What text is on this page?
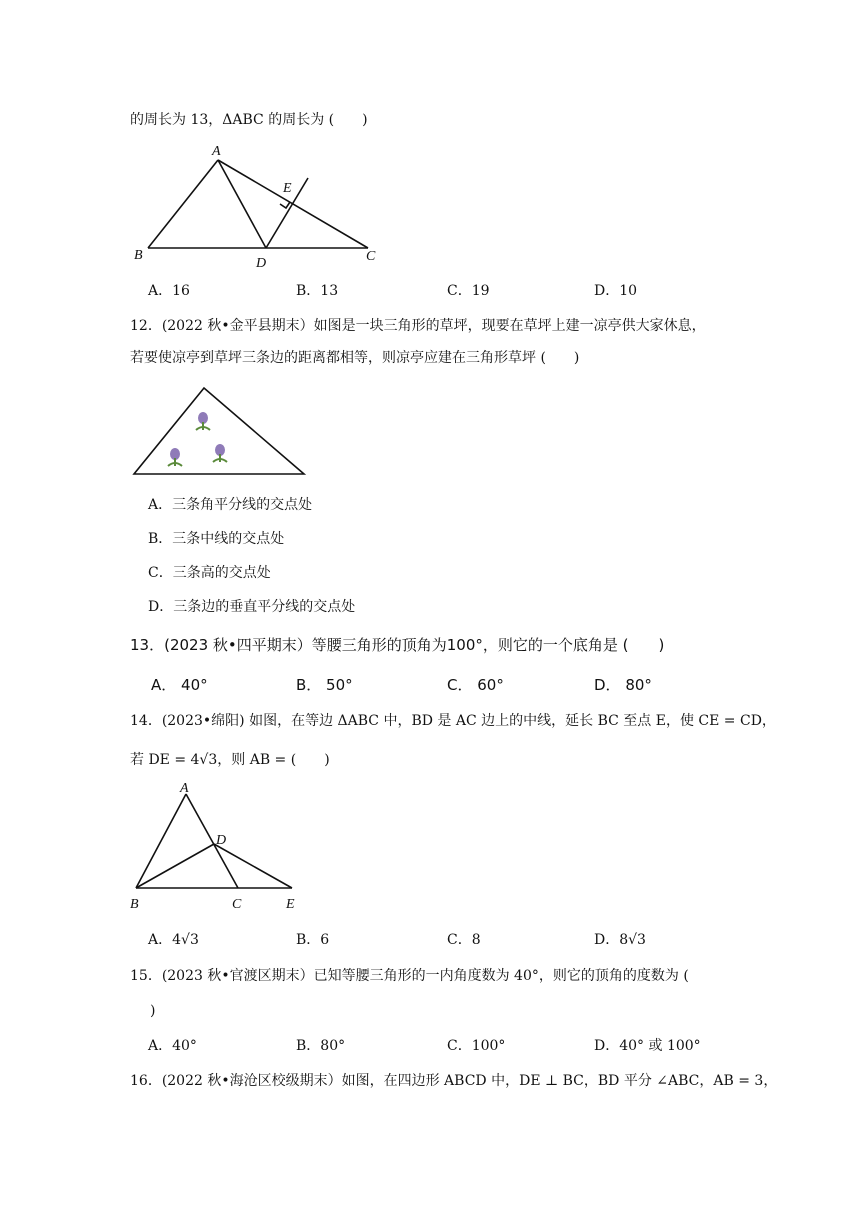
的周长为 13，ΔABC 的周长为 (　　)
A
B
D	C
E
A．16	B．13	C．19	D．10
12．(2022 秋•金平县期末）如图是一块三角形的草坪，现要在草坪上建一凉亭供大家休息，
若要使凉亭到草坪三条边的距离都相等，则凉亭应建在三角形草坪 (　　)
A．三条角平分线的交点处
B．三条中线的交点处
C．三条高的交点处
D．三条边的垂直平分线的交点处
13．(2023 秋•四平期末）等腰三角形的顶角为100°，则它的一个底角是 (　　)
A． 40°	B． 50°	C． 60°	D． 80°
14．(2023•绵阳) 如图，在等边 ΔABC 中，BD 是 AC 边上的中线，延长 BC 至点 E，使 CE = CD，
若 DE = 4√3，则 AB = (　　)
A
D
B	C	E
A．4√3	B．6	C．8	D．8√3
15．(2023 秋•官渡区期末）已知等腰三角形的一内角度数为 40°，则它的顶角的度数为 (
)
A．40°	B．80°	C．100°	D．40° 或 100°
16．(2022 秋•海沧区校级期末）如图，在四边形 ABCD 中，DE ⊥ BC，BD 平分 ∠ABC，AB = 3，
